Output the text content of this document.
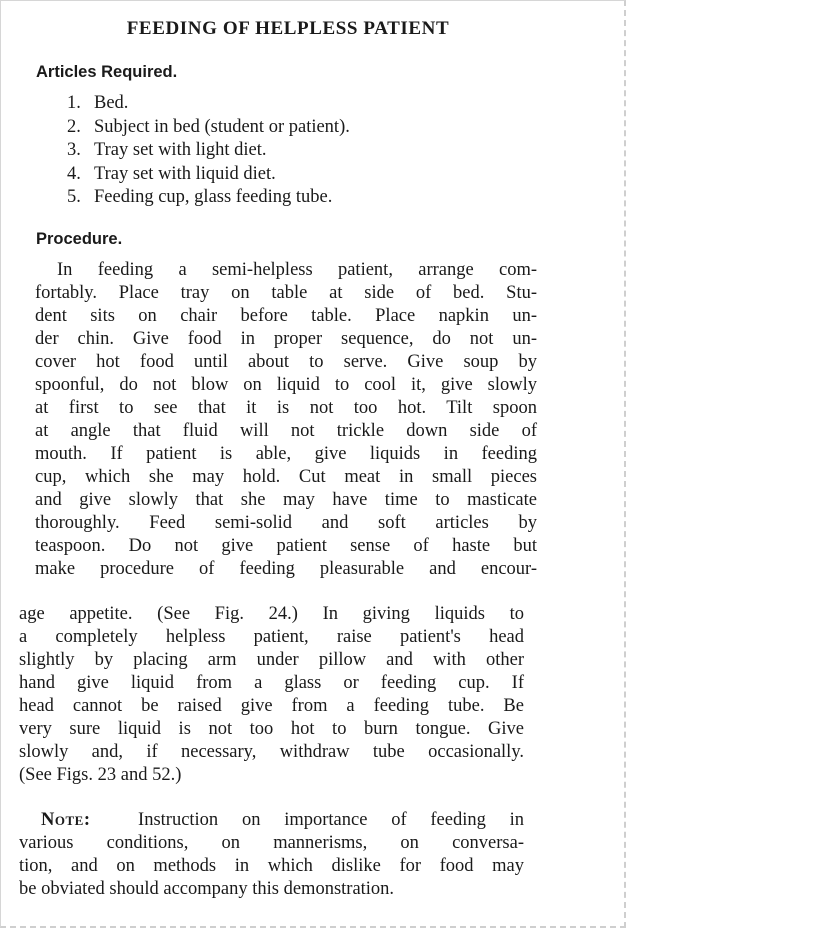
FEEDING OF HELPLESS PATIENT
Articles Required.
1. Bed.
2. Subject in bed (student or patient).
3. Tray set with light diet.
4. Tray set with liquid diet.
5. Feeding cup, glass feeding tube.
Procedure.
In feeding a semi-helpless patient, arrange com-
fortably. Place tray on table at side of bed. Stu-
dent sits on chair before table. Place napkin un-
der chin. Give food in proper sequence, do not un-
cover hot food until about to serve. Give soup by
spoonful, do not blow on liquid to cool it, give slowly
at first to see that it is not too hot. Tilt spoon
at angle that fluid will not trickle down side of
mouth. If patient is able, give liquids in feeding
cup, which she may hold. Cut meat in small pieces
and give slowly that she may have time to masticate
thoroughly. Feed semi-solid and soft articles by
teaspoon. Do not give patient sense of haste but
make procedure of feeding pleasurable and encour-
age appetite. (See Fig. 24.) In giving liquids to
a completely helpless patient, raise patient's head
slightly by placing arm under pillow and with other
hand give liquid from a glass or feeding cup. If
head cannot be raised give from a feeding tube. Be
very sure liquid is not too hot to burn tongue. Give
slowly and, if necessary, withdraw tube occasionally.
(See Figs. 23 and 52.)
Note:	Instruction on importance of feeding in
various conditions, on mannerisms, on conversa-
tion, and on methods in which dislike for food may
be obviated should accompany this demonstration.
